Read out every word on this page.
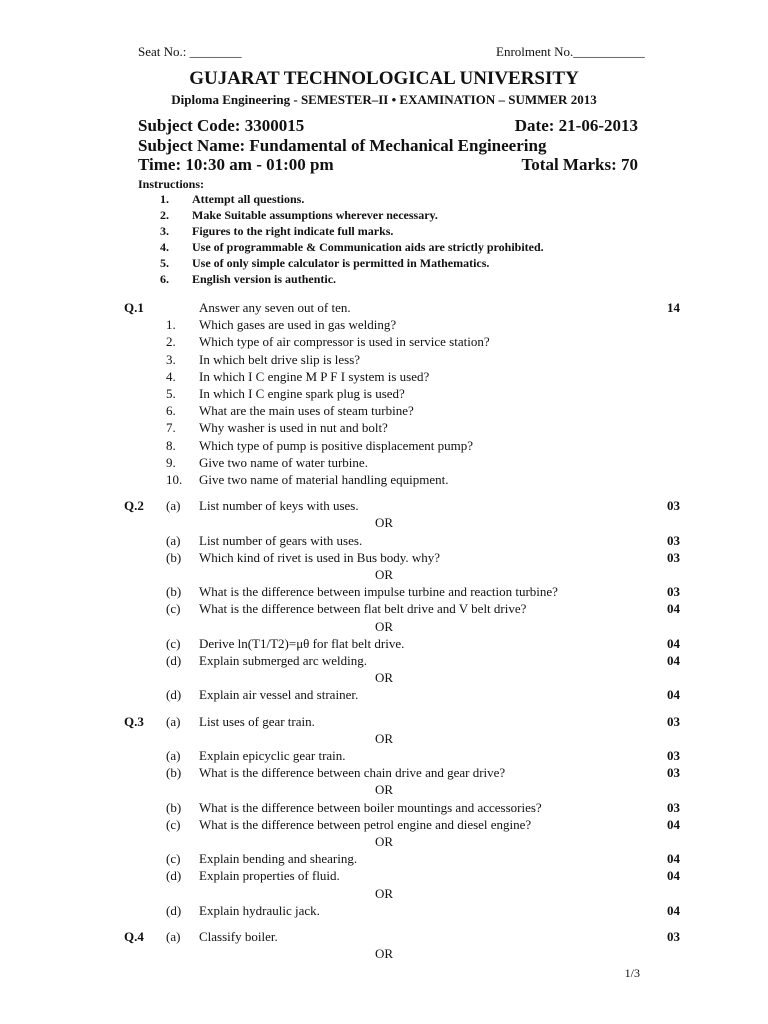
Seat No.: ________	Enrolment No.___________
GUJARAT TECHNOLOGICAL UNIVERSITY
Diploma Engineering - SEMESTER–II • EXAMINATION – SUMMER 2013
Subject Code: 3300015	Date: 21-06-2013
Subject Name: Fundamental of Mechanical Engineering
Time: 10:30 am - 01:00 pm	Total Marks: 70
Instructions:
1. Attempt all questions.
2. Make Suitable assumptions wherever necessary.
3. Figures to the right indicate full marks.
4. Use of programmable & Communication aids are strictly prohibited.
5. Use of only simple calculator is permitted in Mathematics.
6. English version is authentic.
Q.1	Answer any seven out of ten.	14
1. Which gases are used in gas welding?
2. Which type of air compressor is used in service station?
3. In which belt drive slip is less?
4. In which I C engine M P F I system is used?
5. In which I C engine spark plug is used?
6. What are the main uses of steam turbine?
7. Why washer is used in nut and bolt?
8. Which type of pump is positive displacement pump?
9. Give two name of water turbine.
10. Give two name of material handling equipment.
Q.2 (a) List number of keys with uses.	03
OR
(a) List number of gears with uses.	03
(b) Which kind of rivet is used in Bus body. why?	03
OR
(b) What is the difference between impulse turbine and reaction turbine?	03
(c) What is the difference between flat belt drive and V belt drive?	04
OR
(c) Derive ln(T1/T2)=μθ for flat belt drive.	04
(d) Explain submerged arc welding.	04
OR
(d) Explain air vessel and strainer.	04
Q.3 (a) List uses of gear train.	03
OR
(a) Explain epicyclic gear train.	03
(b) What is the difference between chain drive and gear drive?	03
OR
(b) What is the difference between boiler mountings and accessories?	03
(c) What is the difference between petrol engine and diesel engine?	04
OR
(c) Explain bending and shearing.	04
(d) Explain properties of fluid.	04
OR
(d) Explain hydraulic jack.	04
Q.4 (a) Classify boiler.	03
OR
1/3
